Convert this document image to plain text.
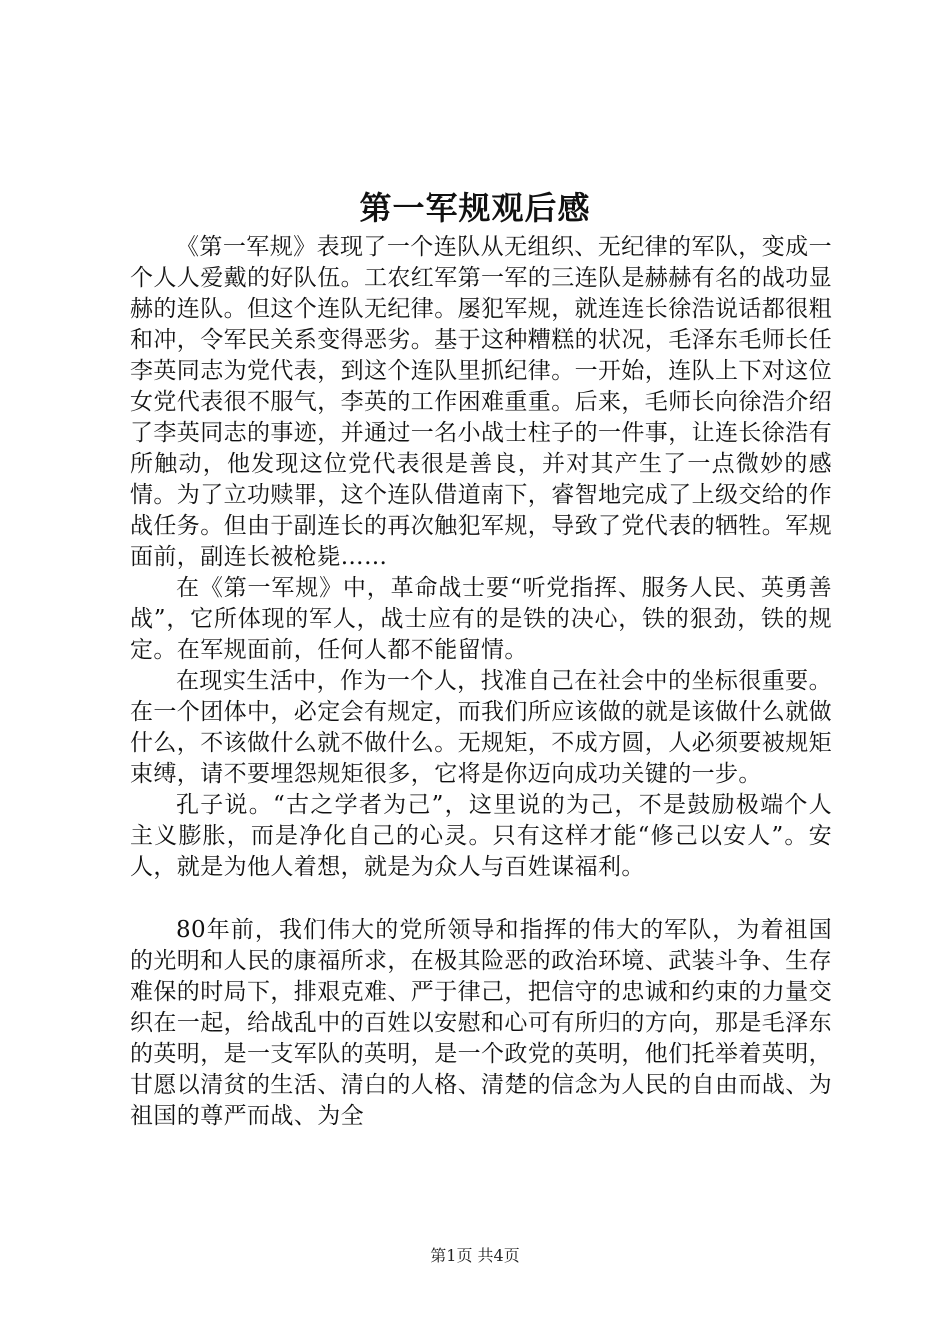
第一军规观后感

《第一军规》表现了一个连队从无组织、无纪律的军队，变成一个人人爱戴的好队伍。工农红军第一军的三连队是赫赫有名的战功显赫的连队。但这个连队无纪律。屡犯军规，就连连长徐浩说话都很粗和冲，令军民关系变得恶劣。基于这种糟糕的状况，毛泽东毛师长任李英同志为党代表，到这个连队里抓纪律。一开始，连队上下对这位女党代表很不服气，李英的工作困难重重。后来，毛师长向徐浩介绍了李英同志的事迹，并通过一名小战士柱子的一件事，让连长徐浩有所触动，他发现这位党代表很是善良，并对其产生了一点微妙的感情。为了立功赎罪，这个连队借道南下，睿智地完成了上级交给的作战任务。但由于副连长的再次触犯军规，导致了党代表的牺牲。军规面前，副连长被枪毙……

在《第一军规》中，革命战士要“听党指挥、服务人民、英勇善战”，它所体现的军人，战士应有的是铁的决心，铁的狠劲，铁的规定。在军规面前，任何人都不能留情。

在现实生活中，作为一个人，找准自己在社会中的坐标很重要。在一个团体中，必定会有规定，而我们所应该做的就是该做什么就做什么，不该做什么就不做什么。无规矩，不成方圆，人必须要被规矩束缚，请不要埋怨规矩很多，它将是你迈向成功关键的一步。

孔子说。“古之学者为己”，这里说的为己，不是鼓励极端个人主义膨胀，而是净化自己的心灵。只有这样才能“修己以安人”。安人，就是为他人着想，就是为众人与百姓谋福利。

80年前，我们伟大的党所领导和指挥的伟大的军队，为着祖国的光明和人民的康福所求，在极其险恶的政治环境、武装斗争、生存难保的时局下，排艰克难、严于律己，把信守的忠诚和约束的力量交织在一起，给战乱中的百姓以安慰和心可有所归的方向，那是毛泽东的英明，是一支军队的英明，是一个政党的英明，他们托举着英明，甘愿以清贫的生活、清白的人格、清楚的信念为人民的自由而战、为祖国的尊严而战、为全

第1页 共4页
